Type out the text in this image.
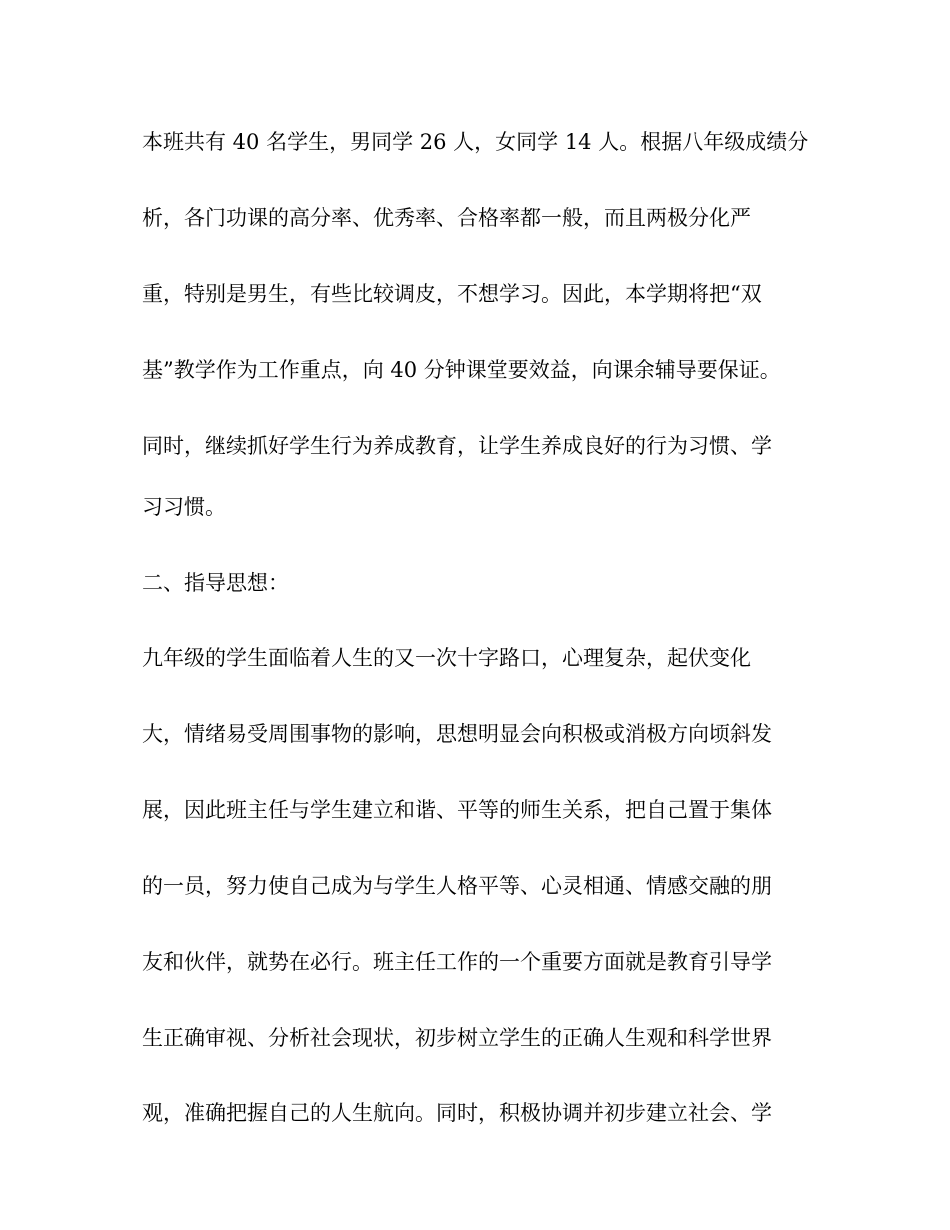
本班共有 40 名学生，男同学 26 人，女同学 14 人。根据八年级成绩分
析，各门功课的高分率、优秀率、合格率都一般，而且两极分化严
重，特别是男生，有些比较调皮，不想学习。因此，本学期将把“双
基”教学作为工作重点，向 40 分钟课堂要效益，向课余辅导要保证。
同时，继续抓好学生行为养成教育，让学生养成良好的行为习惯、学
习习惯。
二、指导思想：
九年级的学生面临着人生的又一次十字路口，心理复杂，起伏变化
大，情绪易受周围事物的影响，思想明显会向积极或消极方向顷斜发
展，因此班主任与学生建立和谐、平等的师生关系，把自己置于集体
的一员，努力使自己成为与学生人格平等、心灵相通、情感交融的朋
友和伙伴，就势在必行。班主任工作的一个重要方面就是教育引导学
生正确审视、分析社会现状，初步树立学生的正确人生观和科学世界
观，准确把握自己的人生航向。同时，积极协调并初步建立社会、学
